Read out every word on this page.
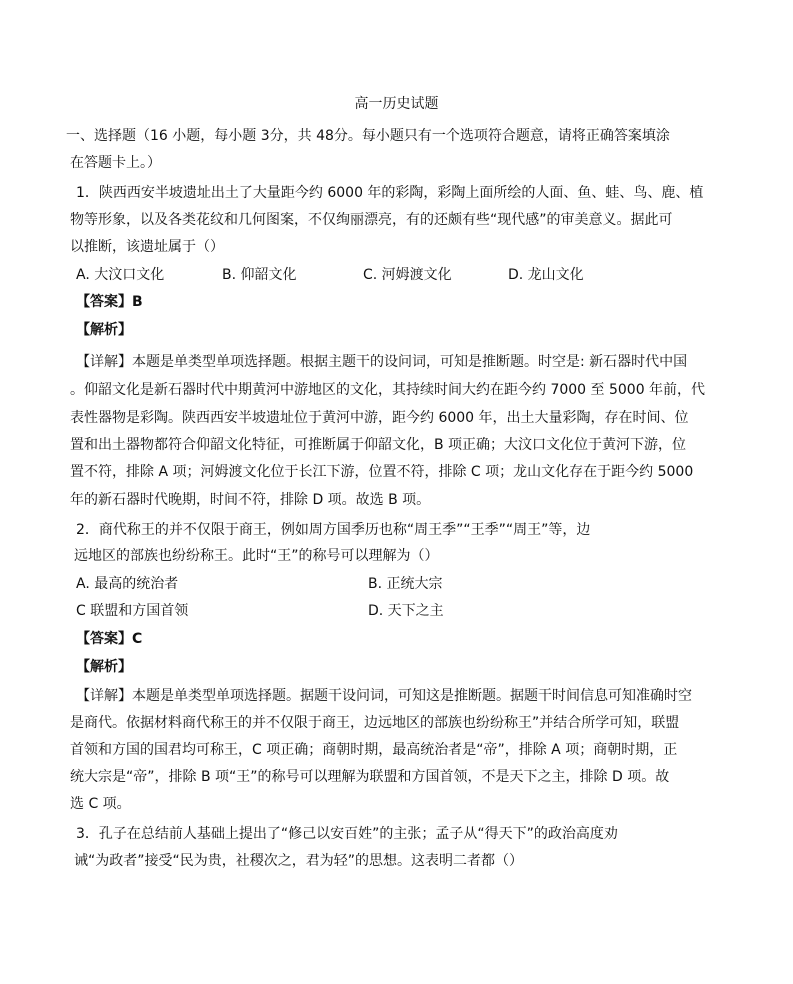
高一历史试题
一、选择题（16 小题，每小题 3分，共 48分。每小题只有一个选项符合题意，请将正确答案填涂
在答题卡上。）
1．陕西西安半坡遗址出土了大量距今约 6000 年的彩陶，彩陶上面所绘的人面、鱼、蛙、鸟、鹿、植
物等形象，以及各类花纹和几何图案，不仅绚丽漂亮，有的还颇有些“现代感”的审美意义。据此可
以推断，该遗址属于（）
A. 大汶口文化	B. 仰韶文化	C. 河姆渡文化	D. 龙山文化
【答案】B
【解析】
【详解】本题是单类型单项选择题。根据主题干的设问词，可知是推断题。时空是: 新石器时代中国
。仰韶文化是新石器时代中期黄河中游地区的文化，其持续时间大约在距今约 7000 至 5000 年前，代
表性器物是彩陶。陕西西安半坡遗址位于黄河中游，距今约 6000 年，出土大量彩陶，存在时间、位
置和出土器物都符合仰韶文化特征，可推断属于仰韶文化，B 项正确；大汶口文化位于黄河下游，位
置不符，排除 A 项；河姆渡文化位于长江下游，位置不符，排除 C 项；龙山文化存在于距今约 5000
年的新石器时代晚期，时间不符，排除 D 项。故选 B 项。
2．商代称王的并不仅限于商王，例如周方国季历也称“周王季”“王季”“周王”等，边
远地区的部族也纷纷称王。此时“王”的称号可以理解为（）
A. 最高的统治者	B. 正统大宗
C 联盟和方国首领	D. 天下之主
【答案】C
【解析】
【详解】本题是单类型单项选择题。据题干设问词，可知这是推断题。据题干时间信息可知准确时空
是商代。依据材料商代称王的并不仅限于商王，边远地区的部族也纷纷称王”并结合所学可知，联盟
首领和方国的国君均可称王，C 项正确；商朝时期，最高统治者是“帝”，排除 A 项；商朝时期，正
统大宗是“帝”，排除 B 项“王”的称号可以理解为联盟和方国首领，不是天下之主，排除 D 项。故
选 C 项。
3．孔子在总结前人基础上提出了“修己以安百姓”的主张；孟子从“得天下”的政治高度劝
诫“为政者”接受“民为贵，社稷次之，君为轻”的思想。这表明二者都（）
